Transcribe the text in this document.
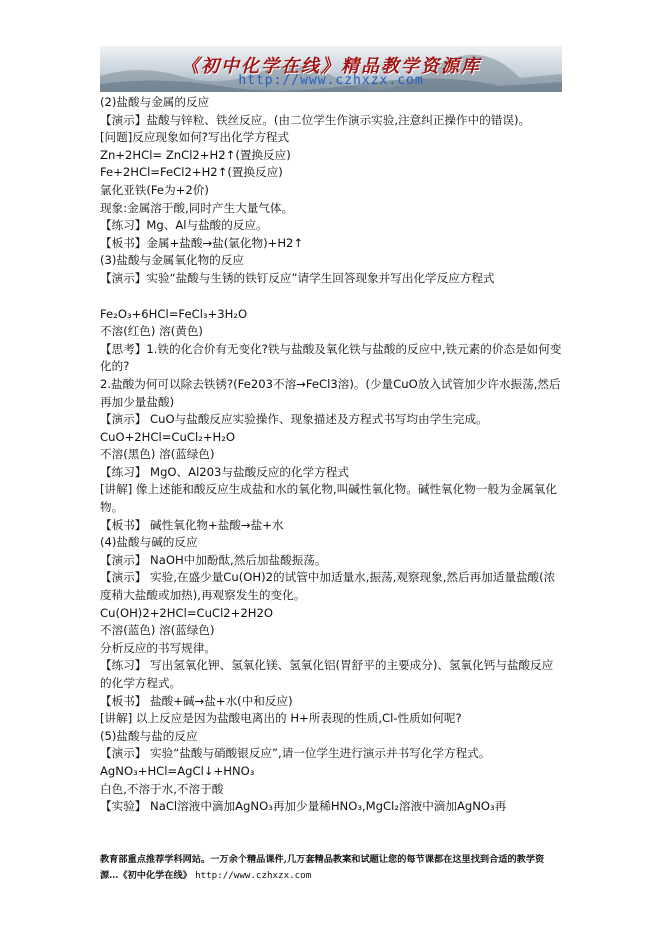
《初中化学在线》精品教学资源库
http://www.czhxzx.com
(2)盐酸与金属的反应
【演示】盐酸与锌粒、铁丝反应。(由二位学生作演示实验,注意纠正操作中的错误)。
[问题]反应现象如何?写出化学方程式
Zn+2HCl= ZnCl2+H2↑(置换反应)
Fe+2HCl=FeCl2+H2↑(置换反应)
氯化亚铁(Fe为+2价)
现象:金属溶于酸,同时产生大量气体。
【练习】Mg、Al与盐酸的反应。
【板书】金属+盐酸→盐(氯化物)+H2↑
(3)盐酸与金属氧化物的反应
【演示】实验“盐酸与生锈的铁钉反应”请学生回答现象并写出化学反应方程式
Fe₂O₃+6HCl=FeCl₃+3H₂O
不溶(红色) 溶(黄色)
【思考】1.铁的化合价有无变化?铁与盐酸及氧化铁与盐酸的反应中,铁元素的价态是如何变化的?
2.盐酸为何可以除去铁锈?(Fe203不溶→FeCl3溶)。(少量CuO放入试管加少许水振荡,然后再加少量盐酸)
【演示】 CuO与盐酸反应实验操作、现象描述及方程式书写均由学生完成。
CuO+2HCl=CuCl₂+H₂O
不溶(黑色) 溶(蓝绿色)
【练习】 MgO、Al203与盐酸反应的化学方程式
[讲解] 像上述能和酸反应生成盐和水的氧化物,叫碱性氧化物。碱性氧化物一般为金属氧化物。
【板书】 碱性氧化物+盐酸→盐+水
(4)盐酸与碱的反应
【演示】 NaOH中加酚酞,然后加盐酸振荡。
【演示】 实验,在盛少量Cu(OH)2的试管中加适量水,振荡,观察现象,然后再加适量盐酸(浓度稍大盐酸或加热),再观察发生的变化。
Cu(OH)2+2HCl=CuCl2+2H2O
不溶(蓝色) 溶(蓝绿色)
分析反应的书写规律。
【练习】 写出氢氧化钾、氢氧化镁、氢氧化铝(胃舒平的主要成分)、氢氧化钙与盐酸反应的化学方程式。
【板书】 盐酸+碱→盐+水(中和反应)
[讲解] 以上反应是因为盐酸电离出的 H+所表现的性质,Cl-性质如何呢?
(5)盐酸与盐的反应
【演示】 实验“盐酸与硝酸银反应”,请一位学生进行演示并书写化学方程式。
AgNO₃+HCl=AgCl↓+HNO₃
白色,不溶于水,不溶于酸
【实验】 NaCl溶液中滴加AgNO₃再加少量稀HNO₃,MgCl₂溶液中滴加AgNO₃再
教育部重点推荐学科网站。一万余个精品课件,几万套精品教案和试题让您的每节课都在这里找到合适的教学资源…《初中化学在线》 http://www.czhxzx.com
